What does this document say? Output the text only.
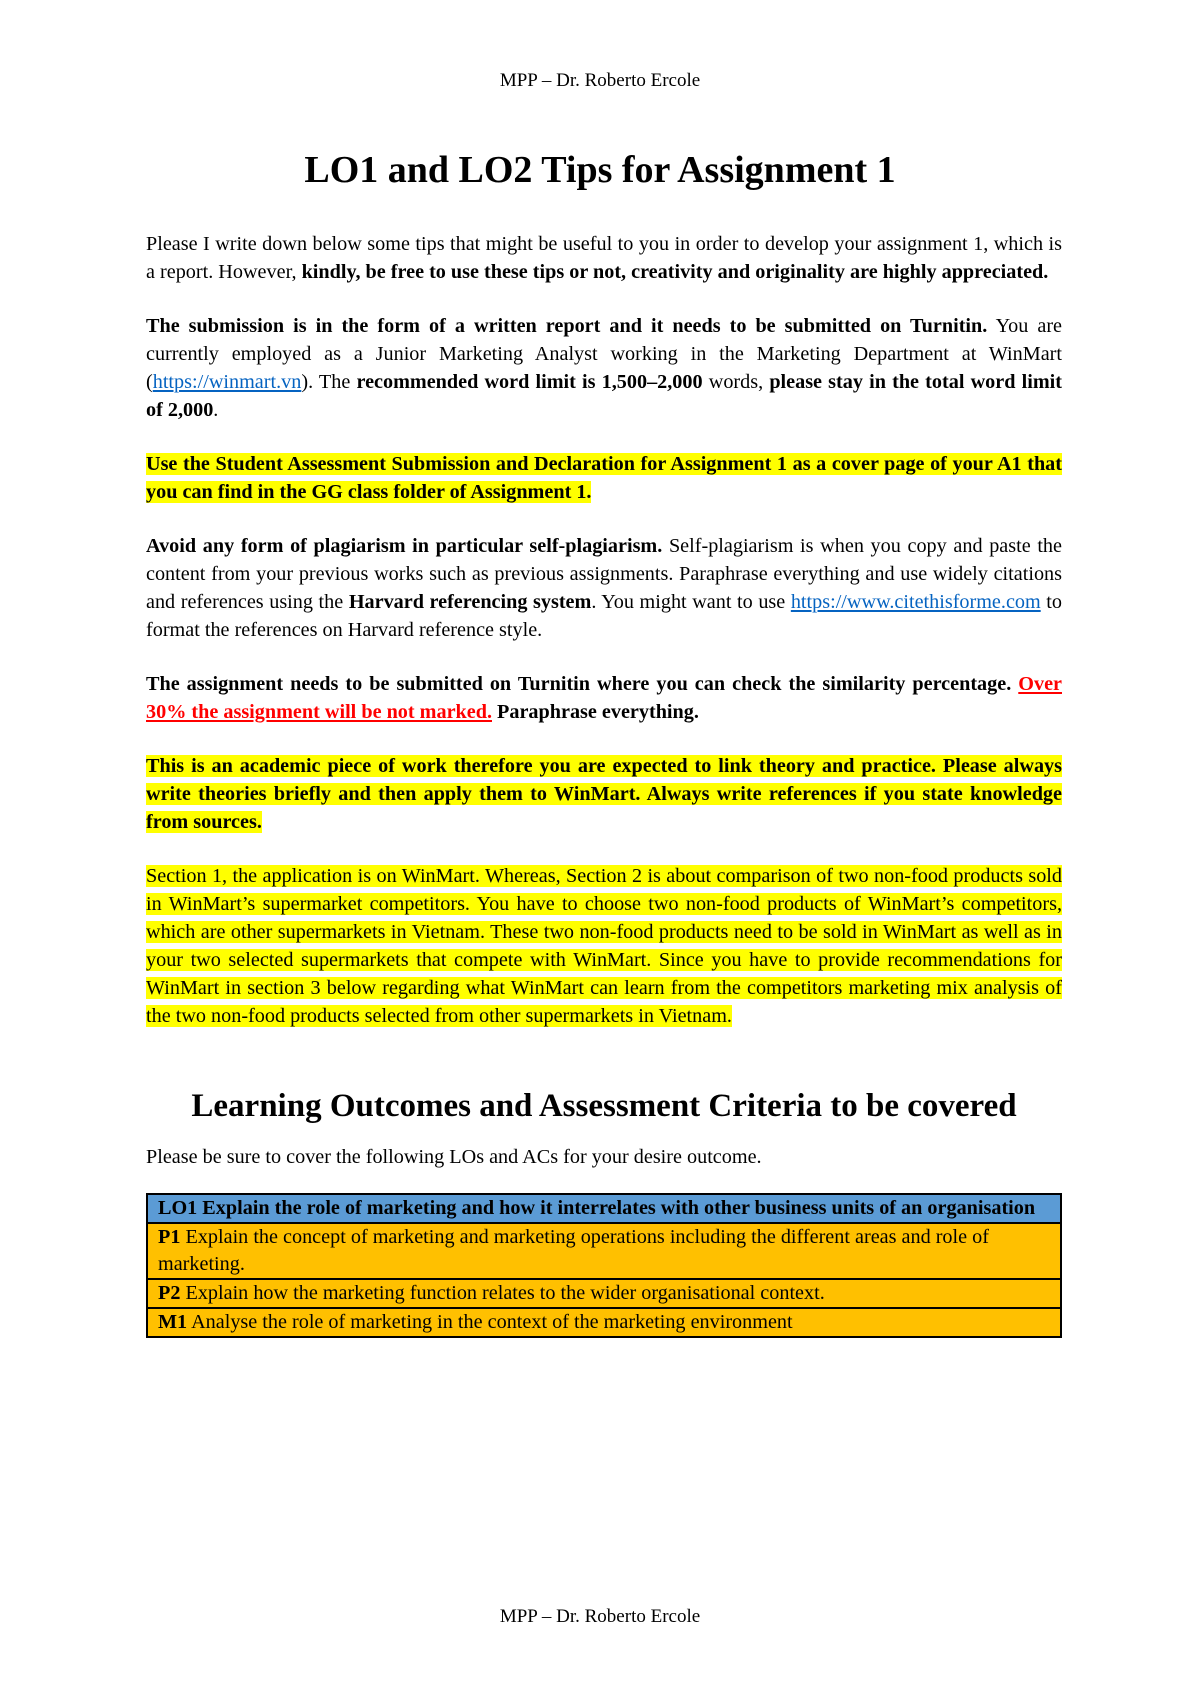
MPP – Dr. Roberto Ercole
LO1 and LO2 Tips for Assignment 1

Please I write down below some tips that might be useful to you in order to develop your assignment 1, which is a report. However, kindly, be free to use these tips or not, creativity and originality are highly appreciated.

The submission is in the form of a written report and it needs to be submitted on Turnitin. You are currently employed as a Junior Marketing Analyst working in the Marketing Department at WinMart (https://winmart.vn). The recommended word limit is 1,500–2,000 words, please stay in the total word limit of 2,000.

Use the Student Assessment Submission and Declaration for Assignment 1 as a cover page of your A1 that you can find in the GG class folder of Assignment 1.

Avoid any form of plagiarism in particular self-plagiarism. Self-plagiarism is when you copy and paste the content from your previous works such as previous assignments. Paraphrase everything and use widely citations and references using the Harvard referencing system. You might want to use https://www.citethisforme.com to format the references on Harvard reference style.

The assignment needs to be submitted on Turnitin where you can check the similarity percentage. Over 30% the assignment will be not marked. Paraphrase everything.

This is an academic piece of work therefore you are expected to link theory and practice. Please always write theories briefly and then apply them to WinMart. Always write references if you state knowledge from sources.

Section 1, the application is on WinMart. Whereas, Section 2 is about comparison of two non-food products sold in WinMart’s supermarket competitors. You have to choose two non-food products of WinMart’s competitors, which are other supermarkets in Vietnam. These two non-food products need to be sold in WinMart as well as in your two selected supermarkets that compete with WinMart. Since you have to provide recommendations for WinMart in section 3 below regarding what WinMart can learn from the competitors marketing mix analysis of the two non-food products selected from other supermarkets in Vietnam.

Learning Outcomes and Assessment Criteria to be covered
Please be sure to cover the following LOs and ACs for your desire outcome.
LO1 Explain the role of marketing and how it interrelates with other business units of an organisation
P1 Explain the concept of marketing and marketing operations including the different areas and role of marketing.
P2 Explain how the marketing function relates to the wider organisational context.
M1 Analyse the role of marketing in the context of the marketing environment
MPP – Dr. Roberto Ercole
